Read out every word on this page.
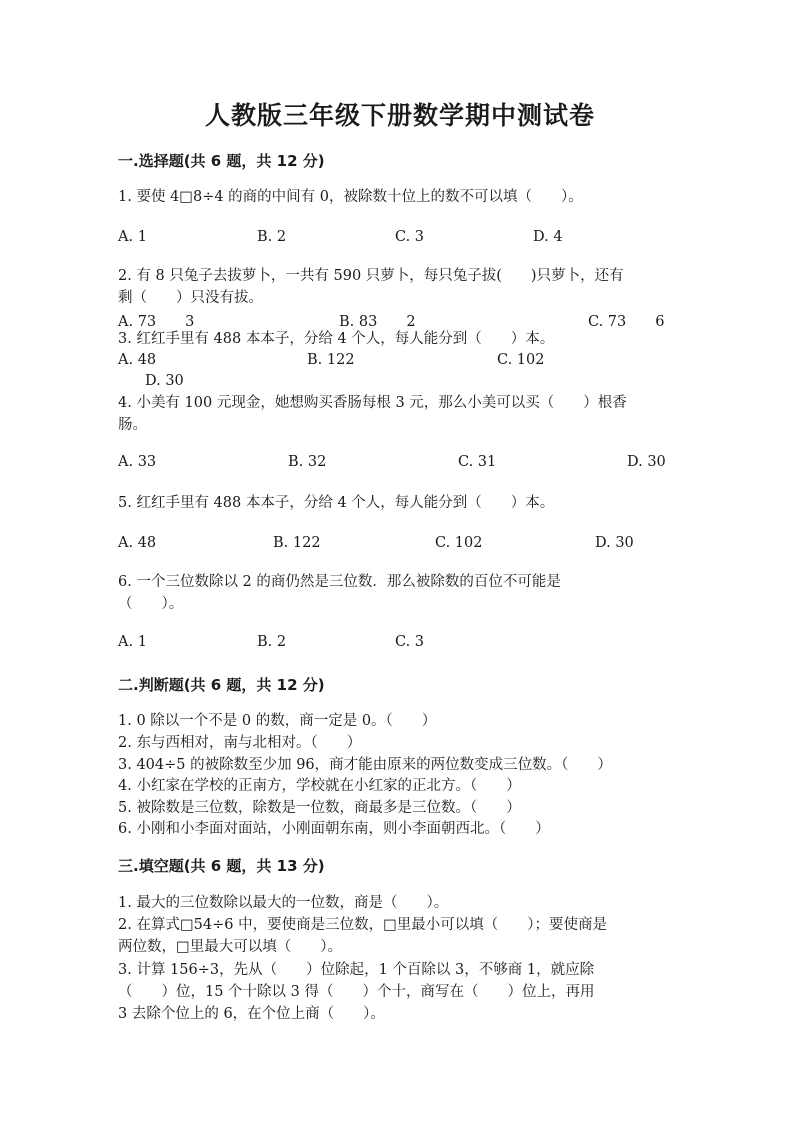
人教版三年级下册数学期中测试卷
一.选择题(共 6 题，共 12 分)
1. 要使 4□8÷4 的商的中间有 0，被除数十位上的数不可以填（　　）。
A. 1	B. 2	C. 3	D. 4
2. 有 8 只兔子去拔萝卜，一共有 590 只萝卜，每只兔子拔(　　)只萝卜，还有
剩（　　）只没有拔。
A. 73　　3	B. 83　　2	C. 73　　6
3. 红红手里有 488 本本子，分给 4 个人，每人能分到（　　）本。
A. 48	B. 122	C. 102
D. 30
4. 小美有 100 元现金，她想购买香肠每根 3 元，那么小美可以买（　　）根香
肠。
A. 33	B. 32	C. 31	D. 30
5. 红红手里有 488 本本子，分给 4 个人，每人能分到（　　）本。
A. 48	B. 122	C. 102	D. 30
6. 一个三位数除以 2 的商仍然是三位数．那么被除数的百位不可能是
（　　）。
A. 1	B. 2	C. 3
二.判断题(共 6 题，共 12 分)
1. 0 除以一个不是 0 的数，商一定是 0。（　　）
2. 东与西相对，南与北相对。（　　）
3. 404÷5 的被除数至少加 96，商才能由原来的两位数变成三位数。（　　）
4. 小红家在学校的正南方，学校就在小红家的正北方。（　　）
5. 被除数是三位数，除数是一位数，商最多是三位数。（　　）
6. 小刚和小李面对面站，小刚面朝东南，则小李面朝西北。（　　）
三.填空题(共 6 题，共 13 分)
1. 最大的三位数除以最大的一位数，商是（　　）。
2. 在算式□54÷6 中，要使商是三位数，□里最小可以填（　　）；要使商是
两位数，□里最大可以填（　　）。
3. 计算 156÷3，先从（　　）位除起，1 个百除以 3，不够商 1，就应除
（　　）位，15 个十除以 3 得（　　）个十，商写在（　　）位上，再用
3 去除个位上的 6，在个位上商（　　）。
